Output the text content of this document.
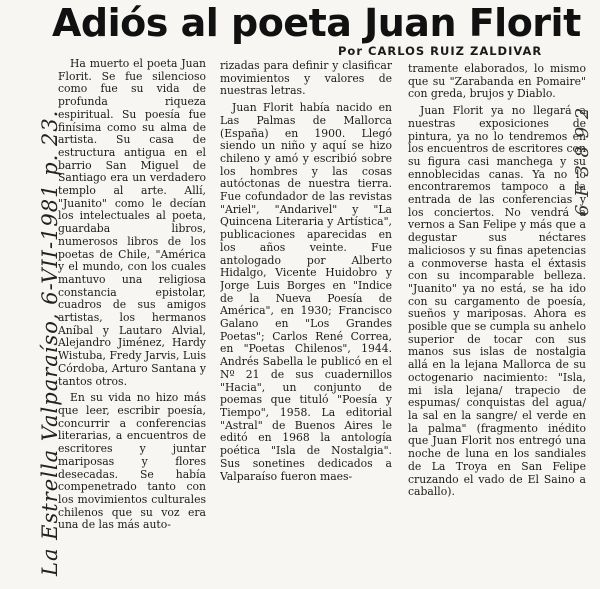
Adiós al poeta Juan Florit
Por CARLOS RUIZ ZALDIVAR

Ha muerto el poeta Juan Florit. Se fue silencioso como fue su vida de profunda riqueza espiritual. Su poesía fue finísima como su alma de artista. Su casa de estructura antigua en el barrio San Miguel de Santiago era un verdadero templo al arte. Allí, "Juanito" como le decían los intelectuales al poeta, guardaba libros, numerosos libros de los poetas de Chile, "América y el mundo, con los cuales mantuvo una religiosa constancia epistolar, cuadros de sus amigos artistas, los hermanos Aníbal y Lautaro Alvial, Alejandro Jiménez, Hardy Wistuba, Fredy Jarvis, Luis Córdoba, Arturo Santana y tantos otros.

En su vida no hizo más que leer, escribir poesía, concurrir a conferencias literarias, a encuentros de escritores y juntar mariposas y flores desecadas. Se había compenetrado tanto con los movimientos culturales chilenos que su voz era una de las más auto-

rizadas para definir y clasificar movimientos y valores de nuestras letras.

Juan Florit había nacido en Las Palmas de Mallorca (España) en 1900. Llegó siendo un niño y aquí se hizo chileno y amó y escribió sobre los hombres y las cosas autóctonas de nuestra tierra. Fue cofundador de las revistas "Ariel", "Andarivel" y "La Quincena Literaria y Artística", publicaciones aparecidas en los años veinte. Fue antologado por Alberto Hidalgo, Vicente Huidobro y Jorge Luis Borges en "Indice de la Nueva Poesía de América", en 1930; Francisco Galano en "Los Grandes Poetas"; Carlos René Correa, en "Poetas Chilenos", 1944. Andrés Sabella le publicó en el Nº 21 de sus cuadernillos "Hacia", un conjunto de poemas que tituló "Poesía y Tiempo", 1958. La editorial "Astral" de Buenos Aires le editó en 1968 la antología poética "Isla de Nostalgia". Sus sonetines dedicados a Valparaíso fueron maes-

tramente elaborados, lo mismo que su "Zarabanda en Pomaire" con greda, brujos y Diablo.

Juan Florit ya no llegará a nuestras exposiciones de pintura, ya no lo tendremos en los encuentros de escritores con su figura casi manchega y su ennoblecidas canas. Ya no lo encontraremos tampoco a la entrada de las conferencias y los conciertos. No vendrá a vernos a San Felipe y más que a degustar sus néctares maliciosos y su finas apetencias a conmoverse hasta el éxtasis con su incomparable belleza. "Juanito" ya no está, se ha ido con su cargamento de poesía, sueños y mariposas. Ahora es posible que se cumpla su anhelo superior de tocar con sus manos sus islas de nostalgia allá en la lejana Mallorca de su octogenario nacimiento: "Isla, mi isla lejana/ trapecio de espumas/ conquistas del agua/ la sal en la sangre/ el verde en la palma" (fragmento inédito que Juan Florit nos entregó una noche de luna en los sandiales de La Troya en San Felipe cruzando el vado de El Saino a caballo).

La Estrella Valparaíso, 6-VII-1981 p. 23.	6 F 3 8 9 2
